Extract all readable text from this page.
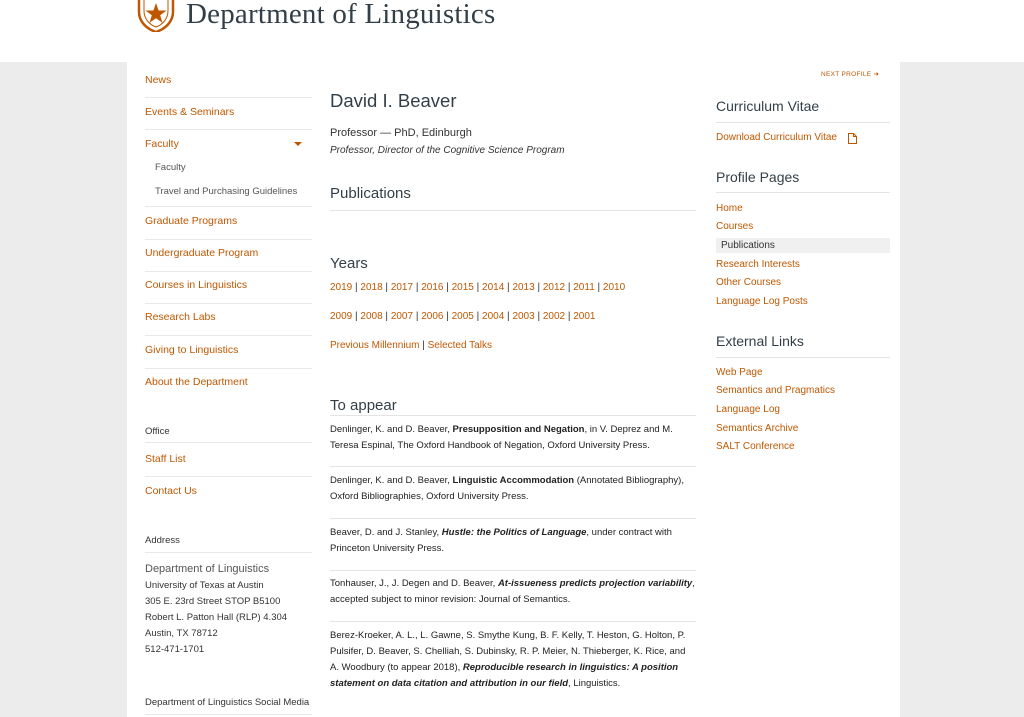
Department of Linguistics
News
Events & Seminars
Faculty
Faculty
Travel and Purchasing Guidelines
Graduate Programs
Undergraduate Program
Courses in Linguistics
Research Labs
Giving to Linguistics
About the Department
Office
Staff List
Contact Us
Address
Department of Linguistics
University of Texas at Austin
305 E. 23rd Street STOP B5100
Robert L. Patton Hall (RLP) 4.304
Austin, TX 78712
512-471-1701
Department of Linguistics Social Media
NEXT PROFILE ➜
David I. Beaver
Professor — PhD, Edinburgh
Professor, Director of the Cognitive Science Program
Publications
Years
2019 | 2018 | 2017 | 2016 | 2015 | 2014 | 2013 | 2012 | 2011 | 2010
2009 | 2008 | 2007 | 2006 | 2005 | 2004 | 2003 | 2002 | 2001
Previous Millennium | Selected Talks
To appear
Denlinger, K. and D. Beaver, Presupposition and Negation, in V. Deprez and M. Teresa Espinal, The Oxford Handbook of Negation, Oxford University Press.
Denlinger, K. and D. Beaver, Linguistic Accommodation (Annotated Bibliography), Oxford Bibliographies, Oxford University Press.
Beaver, D. and J. Stanley, Hustle: the Politics of Language, under contract with Princeton University Press.
Tonhauser, J., J. Degen and D. Beaver, At-issueness predicts projection variability, accepted subject to minor revision: Journal of Semantics.
Berez-Kroeker, A. L., L. Gawne, S. Smythe Kung, B. F. Kelly, T. Heston, G. Holton, P. Pulsifer, D. Beaver, S. Chelliah, S. Dubinsky, R. P. Meier, N. Thieberger, K. Rice, and A. Woodbury (to appear 2018), Reproducible research in linguistics: A position statement on data citation and attribution in our field, Linguistics.
Curriculum Vitae
Download Curriculum Vitae
Profile Pages
Home
Courses
Publications
Research Interests
Other Courses
Language Log Posts
External Links
Web Page
Semantics and Pragmatics
Language Log
Semantics Archive
SALT Conference
